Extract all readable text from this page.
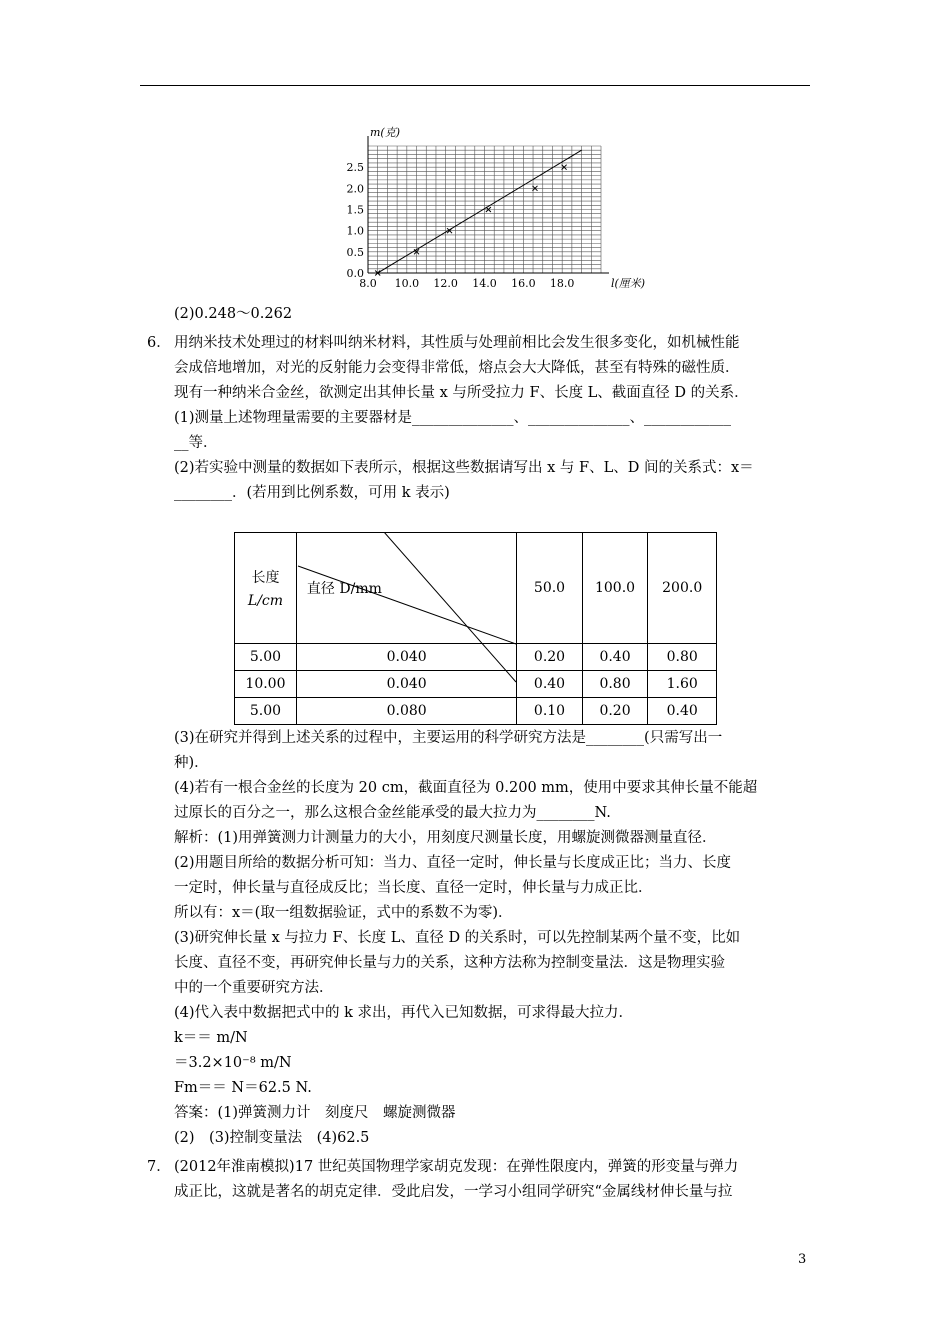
8.0 10.0 12.0 14.0 16.0 18.0
0.0
0.5
1.0
1.5
2.0
2.5
m(克)
l(厘米)
(2)0.248～0.262
6． 用纳米技术处理过的材料叫纳米材料，其性质与处理前相比会发生很多变化，如机械性能
会成倍地增加，对光的反射能力会变得非常低，熔点会大大降低，甚至有特殊的磁性质．
现有一种纳米合金丝，欲测定出其伸长量 x 与所受拉力 F、长度 L、截面直径 D 的关系．
(1)测量上述物理量需要的主要器材是______________、______________、____________
__等．
(2)若实验中测量的数据如下表所示，根据这些数据请写出 x 与 F、L、D 间的关系式：x＝
________．(若用到比例系数，可用 k 表示)
长度
L/cm	直径 D/mm	50.0	100.0	200.0
5.00	0.040	0.20	0.40	0.80
10.00	0.040	0.40	0.80	1.60
5.00	0.080	0.10	0.20	0.40
(3)在研究并得到上述关系的过程中，主要运用的科学研究方法是________(只需写出一
种)．
(4)若有一根合金丝的长度为 20 cm，截面直径为 0.200 mm，使用中要求其伸长量不能超
过原长的百分之一，那么这根合金丝能承受的最大拉力为________N.
解析：(1)用弹簧测力计测量力的大小，用刻度尺测量长度，用螺旋测微器测量直径．
(2)用题目所给的数据分析可知：当力、直径一定时，伸长量与长度成正比；当力、长度
一定时，伸长量与直径成反比；当长度、直径一定时，伸长量与力成正比．
所以有：x＝(取一组数据验证，式中的系数不为零)．
(3)研究伸长量 x 与拉力 F、长度 L、直径 D 的关系时，可以先控制某两个量不变，比如
长度、直径不变，再研究伸长量与力的关系，这种方法称为控制变量法．这是物理实验
中的一个重要研究方法．
(4)代入表中数据把式中的 k 求出，再代入已知数据，可求得最大拉力．
k＝＝ m/N
＝3.2×10⁻⁸ m/N
Fm＝＝ N＝62.5 N.
答案：(1)弹簧测力计　刻度尺　螺旋测微器
(2)　(3)控制变量法　(4)62.5
7． (2012年淮南模拟)17 世纪英国物理学家胡克发现：在弹性限度内，弹簧的形变量与弹力
成正比，这就是著名的胡克定律．受此启发，一学习小组同学研究“金属线材伸长量与拉
3
